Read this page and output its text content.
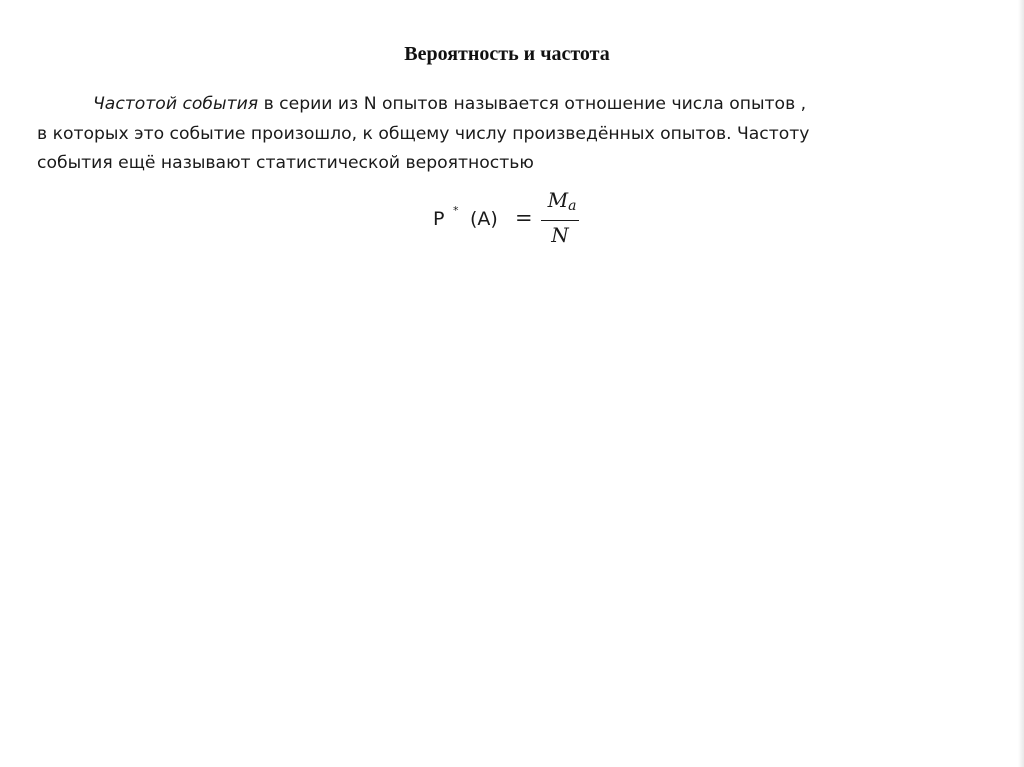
Вероятность и частота
Частотой события в серии из N опытов называется отношение числа опытов ,
в которых это событие произошло, к общему числу произведённых опытов. Частоту
события ещё называют статистической вероятностью
P * (A) =
$M_a$
N
